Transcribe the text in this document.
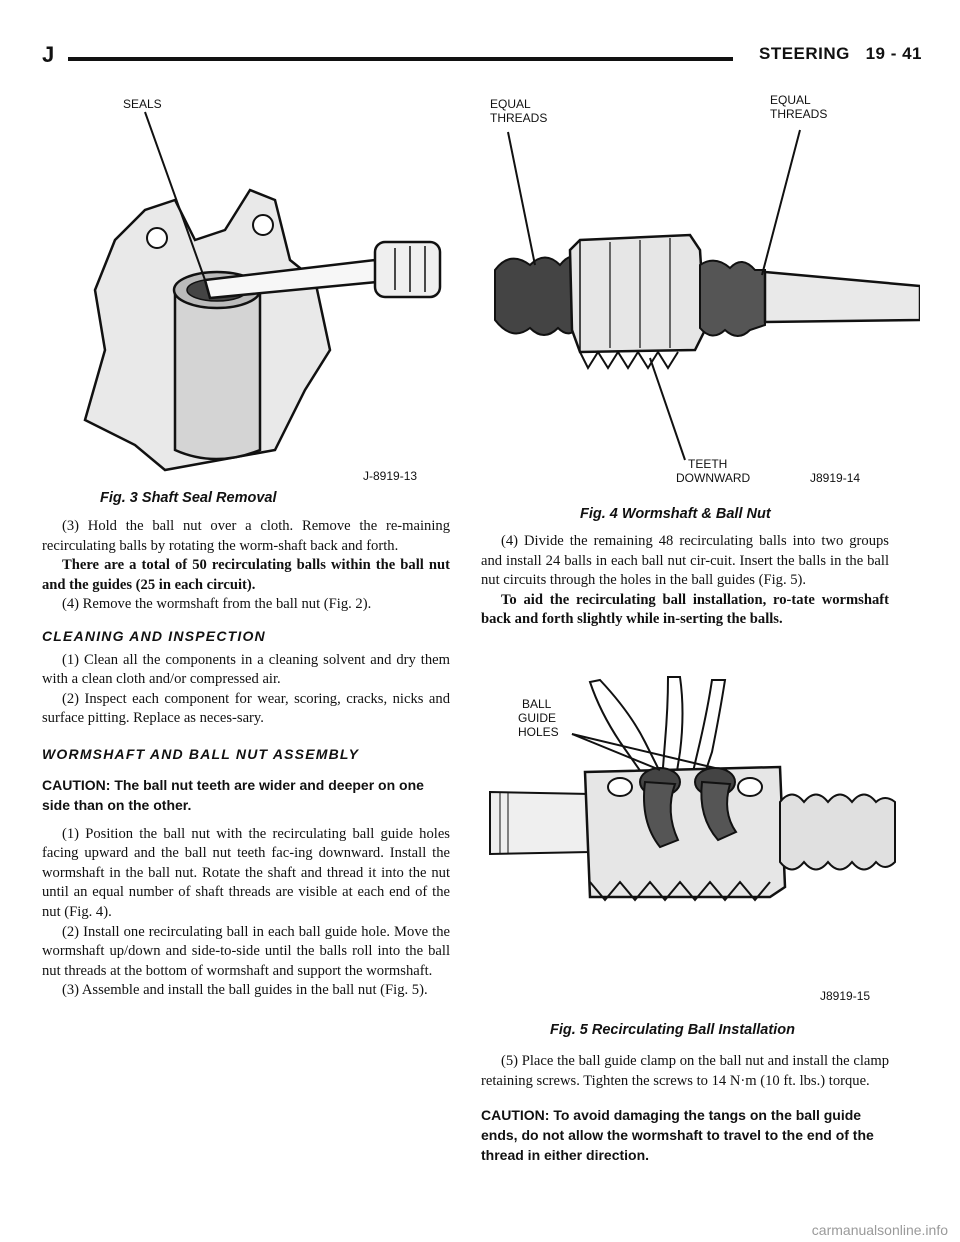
J	STEERING 19 - 41
SEALS
J-8919-13
Fig. 3 Shaft Seal Removal
EQUAL THREADS
EQUAL THREADS
TEETH DOWNWARD	J8919-14
Fig. 4 Wormshaft & Ball Nut

(3) Hold the ball nut over a cloth. Remove the re-maining recirculating balls by rotating the worm-shaft back and forth.

There are a total of 50 recirculating balls within the ball nut and the guides (25 in each circuit).

(4) Remove the wormshaft from the ball nut (Fig. 2).

CLEANING AND INSPECTION

(1) Clean all the components in a cleaning solvent and dry them with a clean cloth and/or compressed air.

(2) Inspect each component for wear, scoring, cracks, nicks and surface pitting. Replace as neces-sary.

WORMSHAFT AND BALL NUT ASSEMBLY

CAUTION: The ball nut teeth are wider and deeper on one side than on the other.

(1) Position the ball nut with the recirculating ball guide holes facing upward and the ball nut teeth fac-ing downward. Install the wormshaft in the ball nut. Rotate the shaft and thread it into the nut until an equal number of shaft threads are visible at each end of the nut (Fig. 4).

(2) Install one recirculating ball in each ball guide hole. Move the wormshaft up/down and side-to-side until the balls roll into the ball nut threads at the bottom of wormshaft and support the wormshaft.

(3) Assemble and install the ball guides in the ball nut (Fig. 5).

(4) Divide the remaining 48 recirculating balls into two groups and install 24 balls in each ball nut cir-cuit. Insert the balls in the ball nut circuits through the holes in the ball guides (Fig. 5).

To aid the recirculating ball installation, ro-tate wormshaft back and forth slightly while in-serting the balls.

BALL GUIDE HOLES
J8919-15
Fig. 5 Recirculating Ball Installation

(5) Place the ball guide clamp on the ball nut and install the clamp retaining screws. Tighten the screws to 14 N·m (10 ft. lbs.) torque.

CAUTION: To avoid damaging the tangs on the ball guide ends, do not allow the wormshaft to travel to the end of the thread in either direction.

carmanualsonline.info
